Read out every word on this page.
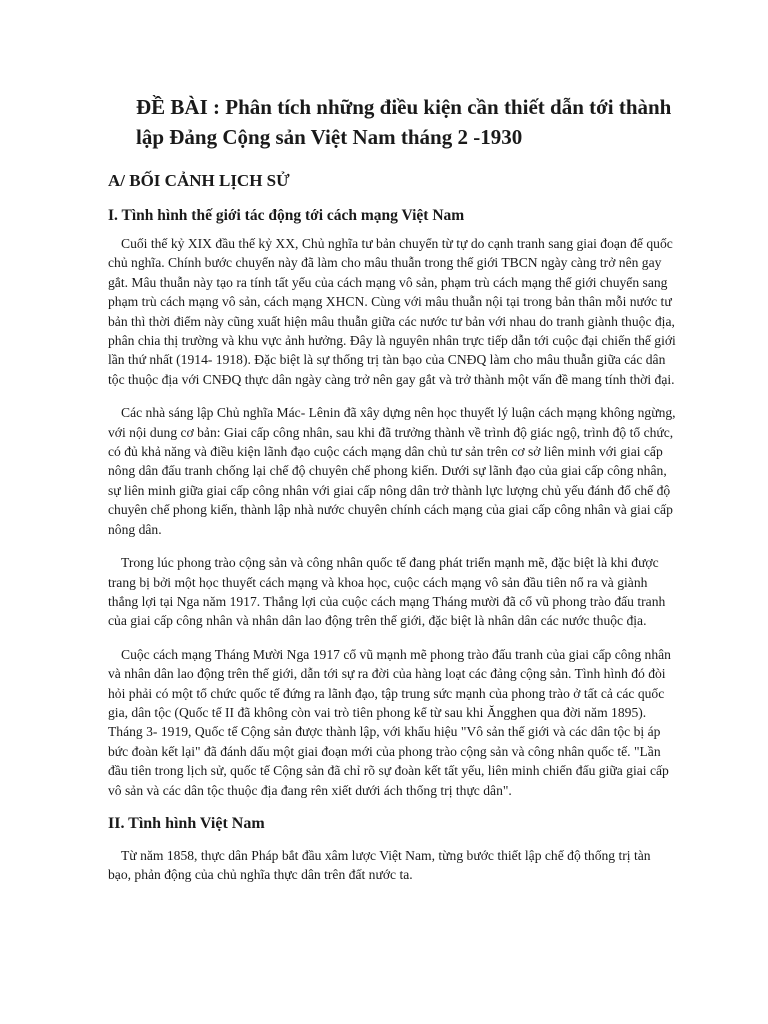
ĐỀ BÀI : Phân tích những điều kiện cần thiết dẫn tới thành lập Đảng Cộng sản Việt Nam tháng 2 -1930
A/ BỐI CẢNH LỊCH SỬ
I. Tình hình thế giới tác động tới cách mạng Việt Nam

Cuối thế kỷ XIX đầu thế kỷ XX, Chủ nghĩa tư bản chuyển từ tự do cạnh tranh sang giai đoạn đế quốc chủ nghĩa. Chính bước chuyển này đã làm cho mâu thuẫn trong thế giới TBCN ngày càng trở nên gay gắt. Mâu thuẫn này tạo ra tính tất yếu của cách mạng vô sản, phạm trù cách mạng thế giới chuyển sang phạm trù cách mạng vô sản, cách mạng XHCN. Cùng với mâu thuẫn nội tại trong bản thân mỗi nước tư bản thì thời điểm này cũng xuất hiện mâu thuẫn giữa các nước tư bản với nhau do tranh giành thuộc địa, phân chia thị trường và khu vực ảnh hưởng. Đây là nguyên nhân trực tiếp dẫn tới cuộc đại chiến thế giới lần thứ nhất (1914- 1918). Đặc biệt là sự thống trị tàn bạo của CNĐQ làm cho mâu thuẫn giữa các dân tộc thuộc địa với CNĐQ thực dân ngày càng trở nên gay gắt và trở thành một vấn đề mang tính thời đại.

Các nhà sáng lập Chủ nghĩa Mác- Lênin đã xây dựng nên học thuyết lý luận cách mạng không ngừng, với nội dung cơ bản: Giai cấp công nhân, sau khi đã trưởng thành về trình độ giác ngộ, trình độ tổ chức, có đủ khả năng và điều kiện lãnh đạo cuộc cách mạng dân chủ tư sản trên cơ sở liên minh với giai cấp nông dân đấu tranh chống lại chế độ chuyên chế phong kiến. Dưới sự lãnh đạo của giai cấp công nhân, sự liên minh giữa giai cấp công nhân với giai cấp nông dân trở thành lực lượng chủ yếu đánh đổ chế độ chuyên chế phong kiến, thành lập nhà nước chuyên chính cách mạng của giai cấp công nhân và giai cấp nông dân.

Trong lúc phong trào cộng sản và công nhân quốc tế đang phát triển mạnh mẽ, đặc biệt là khi được trang bị bởi một học thuyết cách mạng và khoa học, cuộc cách mạng vô sản đầu tiên nổ ra và giành thắng lợi tại Nga năm 1917. Thắng lợi của cuộc cách mạng Tháng mười đã cổ vũ phong trào đấu tranh của giai cấp công nhân và nhân dân lao động trên thế giới, đặc biệt là nhân dân các nước thuộc địa.

Cuộc cách mạng Tháng Mười Nga 1917 cổ vũ mạnh mẽ phong trào đấu tranh của giai cấp công nhân và nhân dân lao động trên thế giới, dẫn tới sự ra đời của hàng loạt các đảng cộng sản. Tình hình đó đòi hỏi phải có một tổ chức quốc tế đứng ra lãnh đạo, tập trung sức mạnh của phong trào ở tất cả các quốc gia, dân tộc (Quốc tế II đã không còn vai trò tiên phong kể từ sau khi Ăngghen qua đời năm 1895). Tháng 3- 1919, Quốc tế Cộng sản được thành lập, với khẩu hiệu "Vô sản thế giới và các dân tộc bị áp bức đoàn kết lại" đã đánh dấu một giai đoạn mới của phong trào cộng sản và công nhân quốc tế. "Lần đầu tiên trong lịch sử, quốc tế Cộng sản đã chỉ rõ sự đoàn kết tất yếu, liên minh chiến đấu giữa giai cấp vô sản và các dân tộc thuộc địa đang rên xiết dưới ách thống trị thực dân".

II. Tình hình Việt Nam

Từ năm 1858, thực dân Pháp bắt đầu xâm lược Việt Nam, từng bước thiết lập chế độ thống trị tàn bạo, phản động của chủ nghĩa thực dân trên đất nước ta.
